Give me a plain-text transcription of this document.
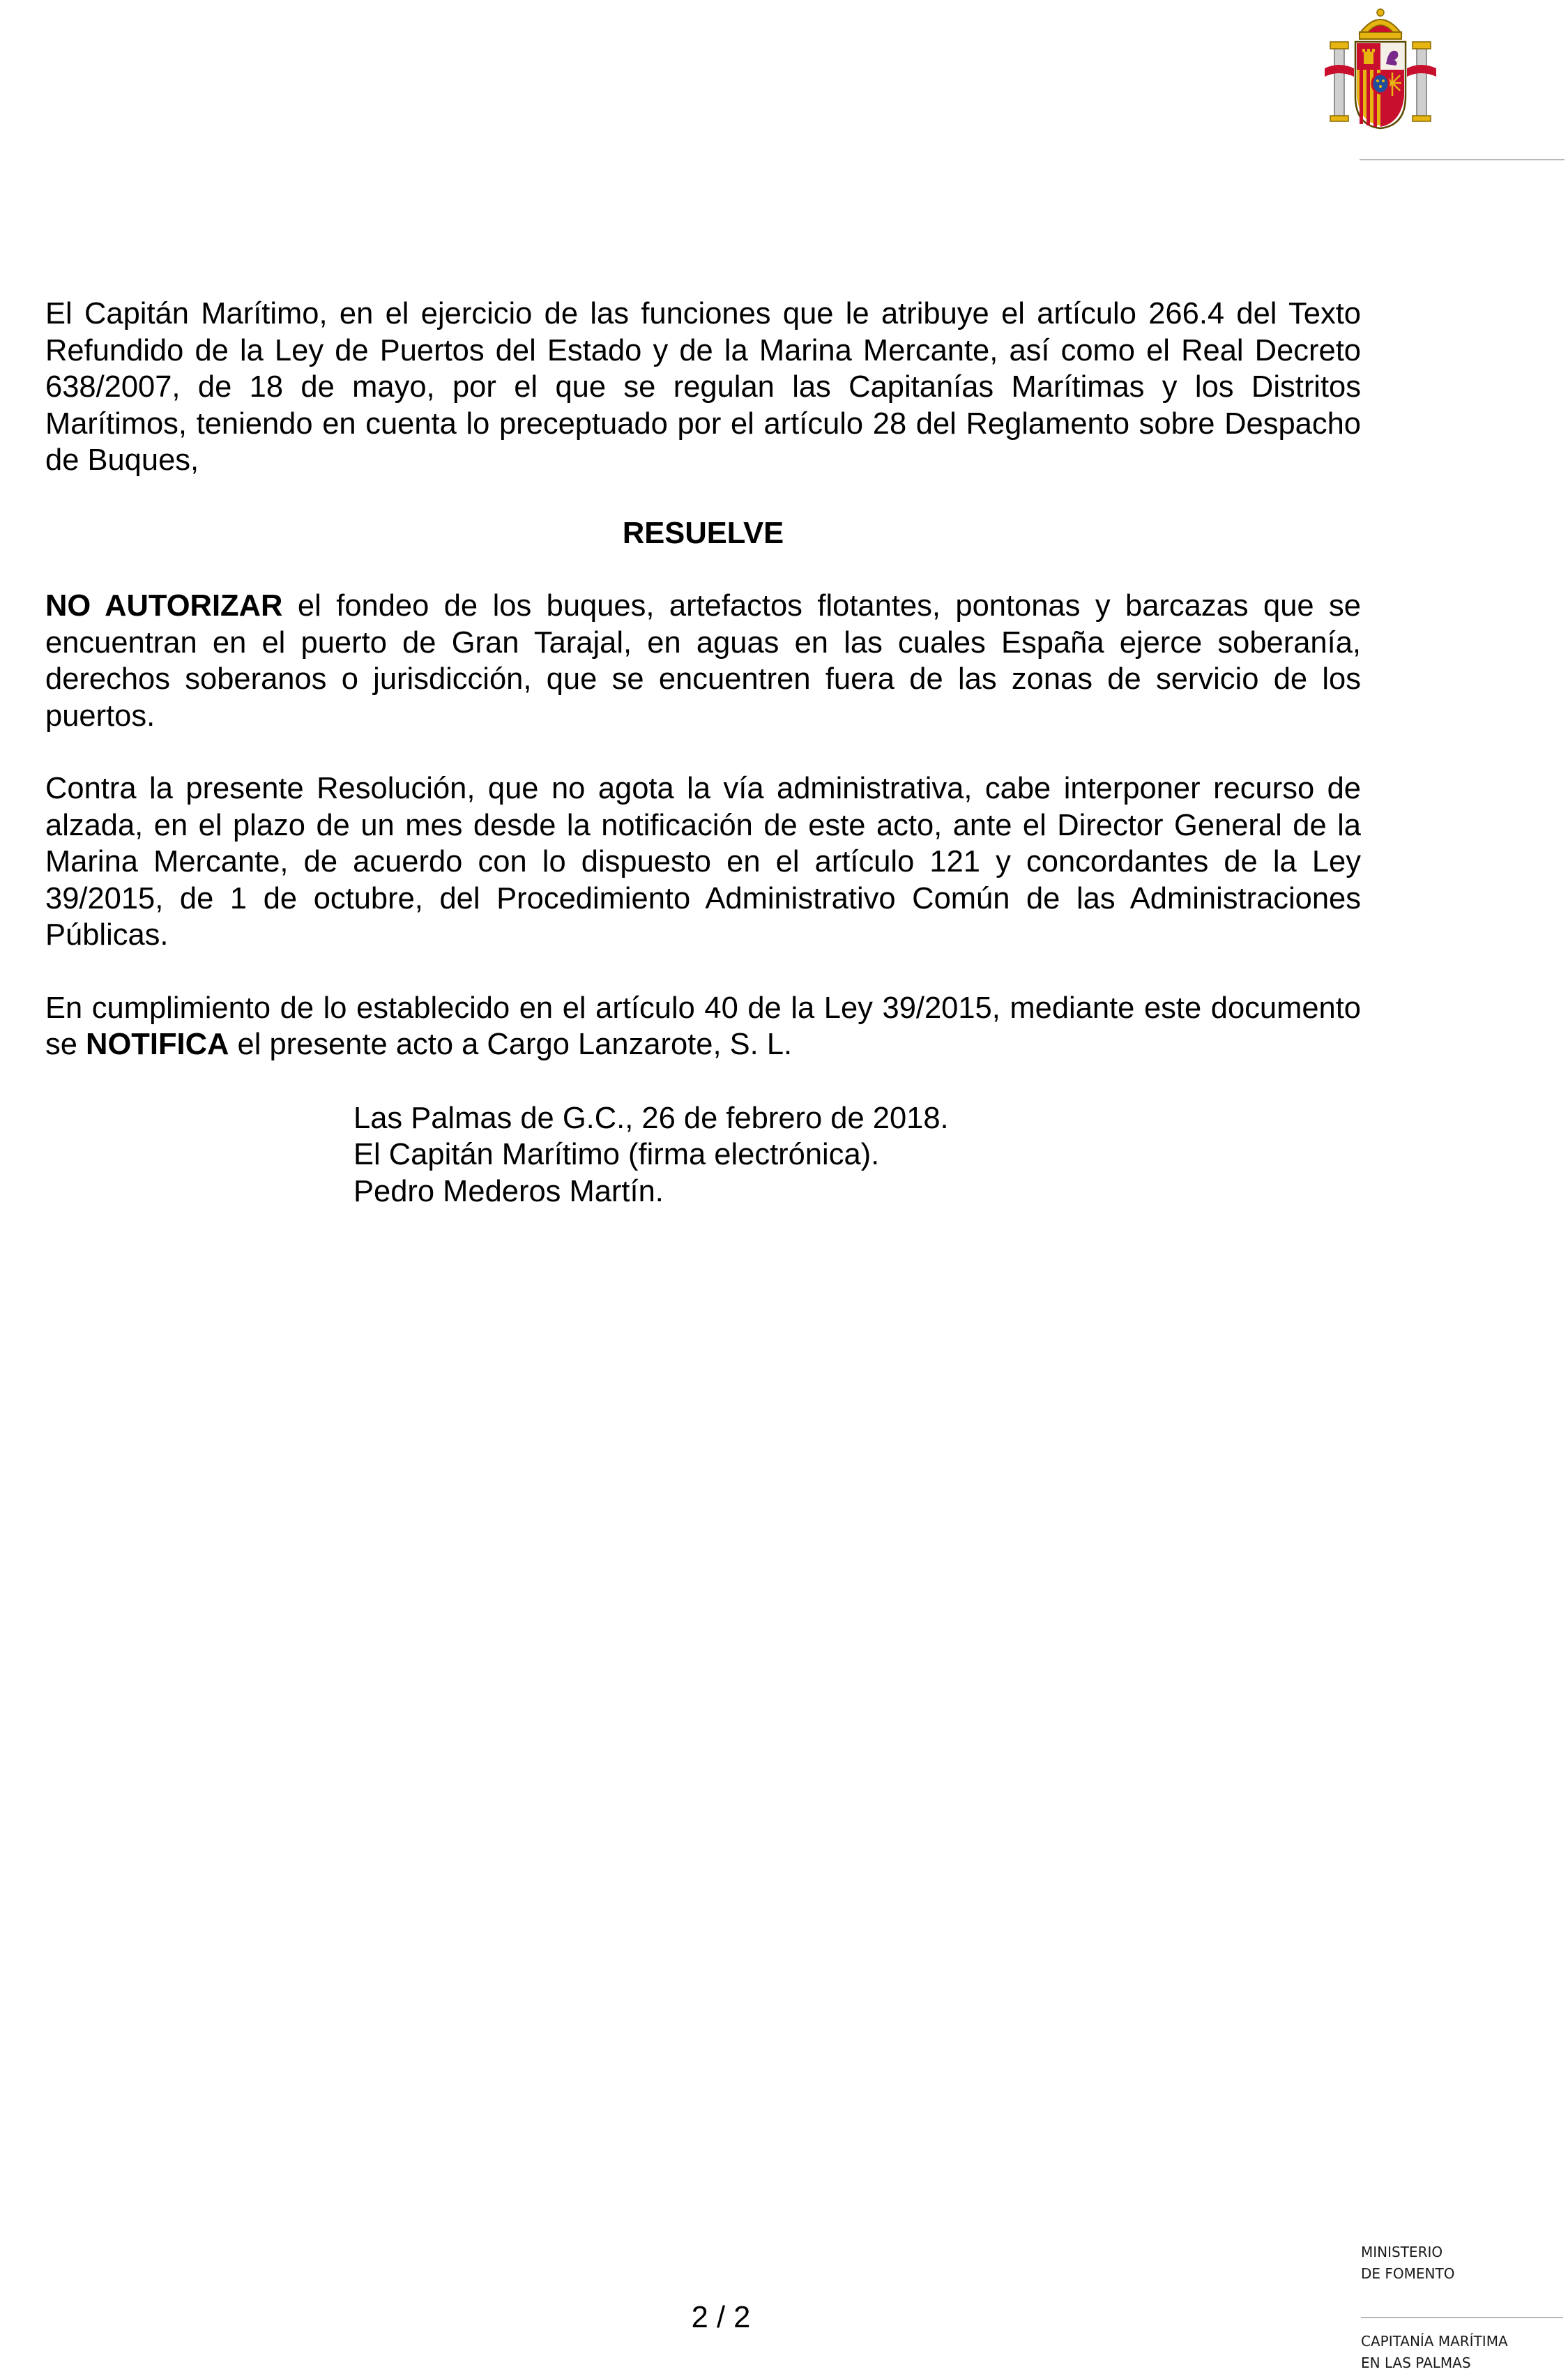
El Capitán Marítimo, en el ejercicio de las funciones que le atribuye el artículo 266.4 del Texto Refundido de la Ley de Puertos del Estado y de la Marina Mercante, así como el Real Decreto 638/2007, de 18 de mayo, por el que se regulan las Capitanías Marítimas y los Distritos Marítimos, teniendo en cuenta lo preceptuado por el artículo 28 del Reglamento sobre Despacho de Buques,

RESUELVE

NO AUTORIZAR el fondeo de los buques, artefactos flotantes, pontonas y barcazas que se encuentran en el puerto de Gran Tarajal, en aguas en las cuales España ejerce soberanía, derechos soberanos o jurisdicción, que se encuentren fuera de las zonas de servicio de los puertos.

Contra la presente Resolución, que no agota la vía administrativa, cabe interponer recurso de alzada, en el plazo de un mes desde la notificación de este acto, ante el Director General de la Marina Mercante, de acuerdo con lo dispuesto en el artículo 121 y concordantes de la Ley 39/2015, de 1 de octubre, del Procedimiento Administrativo Común de las Administraciones Públicas.

En cumplimiento de lo establecido en el artículo 40 de la Ley 39/2015, mediante este documento se NOTIFICA el presente acto a Cargo Lanzarote, S. L.

Las Palmas de G.C., 26 de febrero de 2018.
El Capitán Marítimo (firma electrónica).
Pedro Mederos Martín.

2 / 2
MINISTERIO
DE FOMENTO
CAPITANÍA MARÍTIMA
EN LAS PALMAS
